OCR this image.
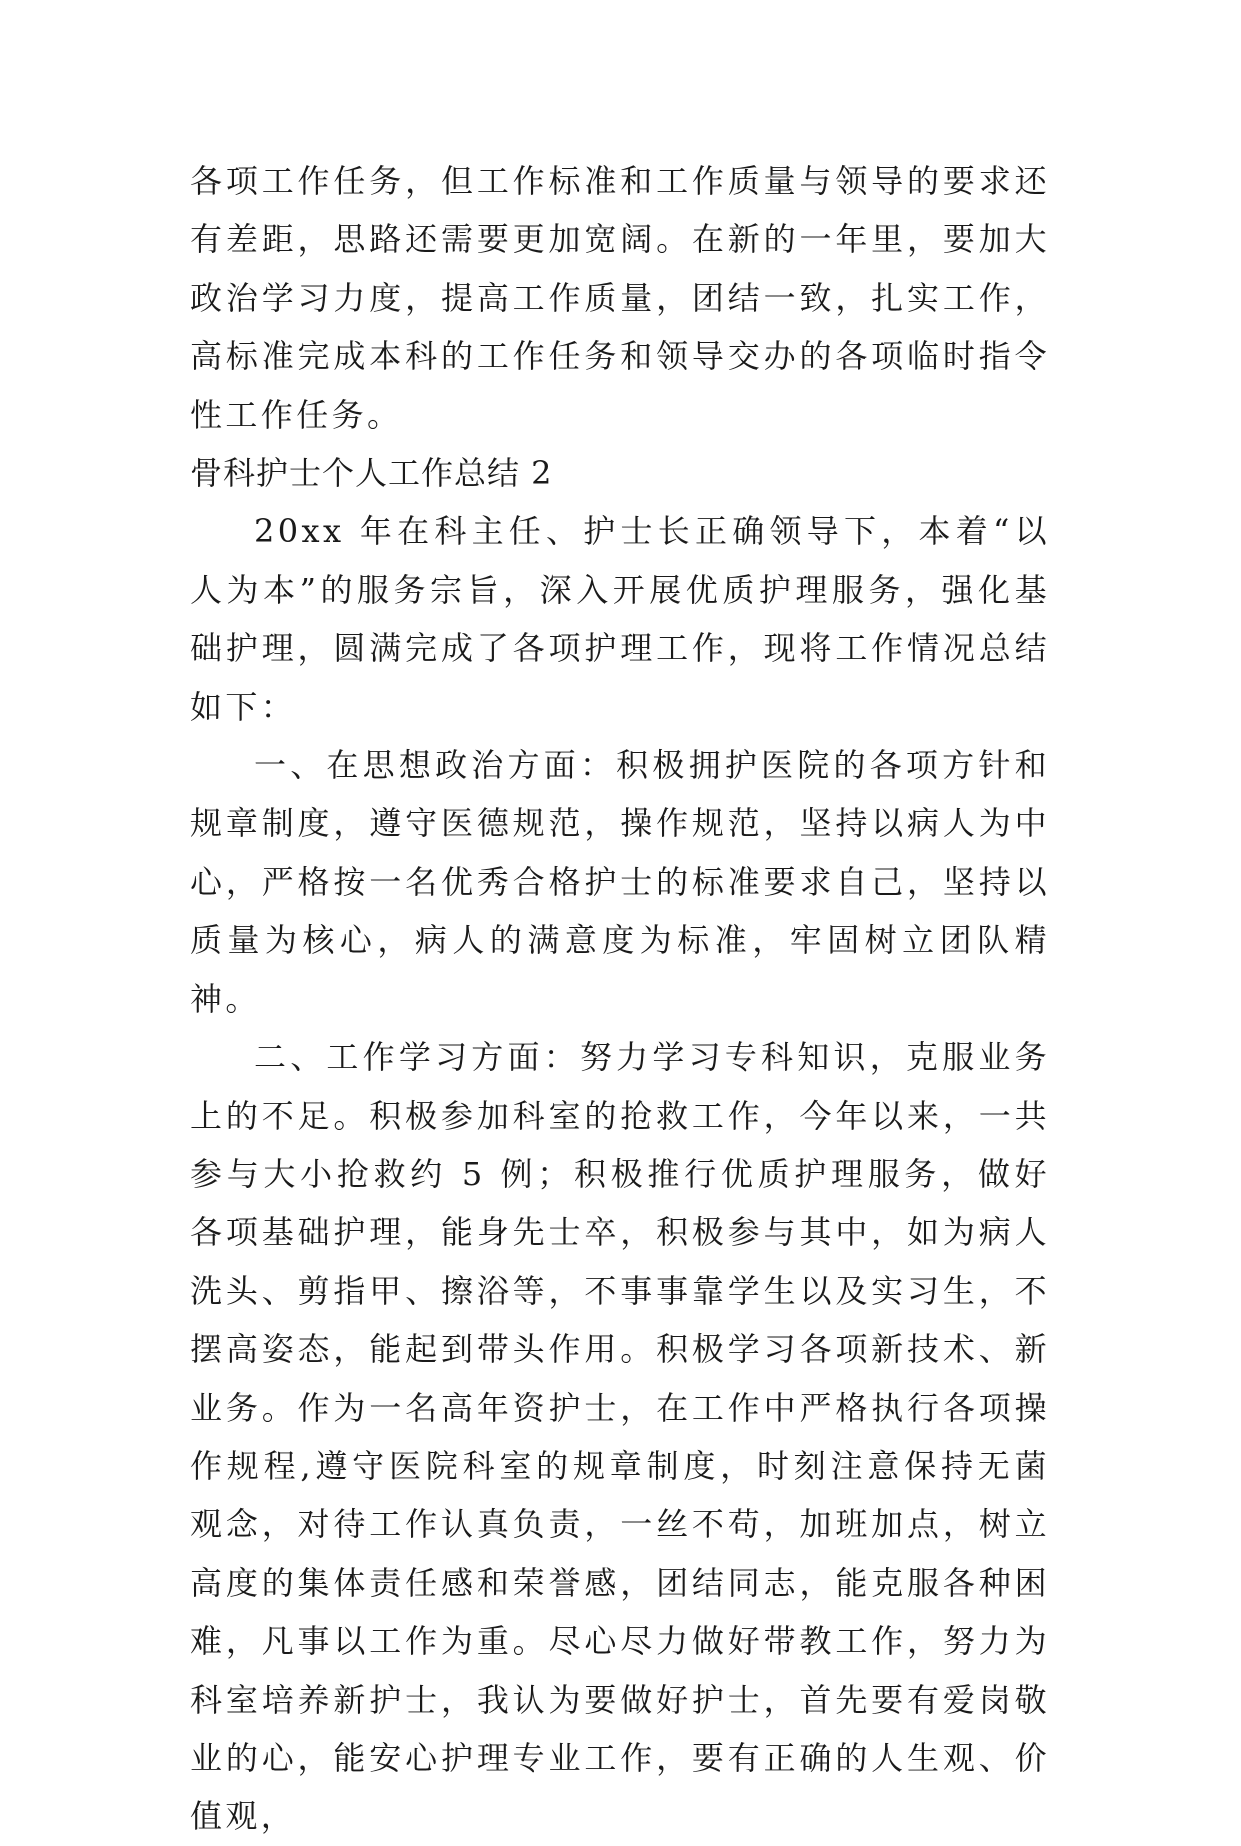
各项工作任务，但工作标准和工作质量与领导的要求还有差距，思路还需要更加宽阔。在新的一年里，要加大政治学习力度，提高工作质量，团结一致，扎实工作，高标准完成本科的工作任务和领导交办的各项临时指令性工作任务。

骨科护士个人工作总结 2

20xx 年在科主任、护士长正确领导下，本着“以人为本”的服务宗旨，深入开展优质护理服务，强化基础护理，圆满完成了各项护理工作，现将工作情况总结如下：

一、在思想政治方面：积极拥护医院的各项方针和规章制度，遵守医德规范，操作规范，坚持以病人为中心，严格按一名优秀合格护士的标准要求自己，坚持以质量为核心，病人的满意度为标准，牢固树立团队精神。

二、工作学习方面：努力学习专科知识，克服业务上的不足。积极参加科室的抢救工作，今年以来，一共参与大小抢救约 5 例；积极推行优质护理服务，做好各项基础护理，能身先士卒，积极参与其中，如为病人洗头、剪指甲、擦浴等，不事事靠学生以及实习生，不摆高姿态，能起到带头作用。积极学习各项新技术、新业务。作为一名高年资护士，在工作中严格执行各项操作规程,遵守医院科室的规章制度，时刻注意保持无菌观念，对待工作认真负责，一丝不苟，加班加点，树立高度的集体责任感和荣誉感，团结同志，能克服各种困难，凡事以工作为重。尽心尽力做好带教工作，努力为科室培养新护士，我认为要做好护士，首先要有爱岗敬业的心，能安心护理专业工作，要有正确的人生观、价值观，
